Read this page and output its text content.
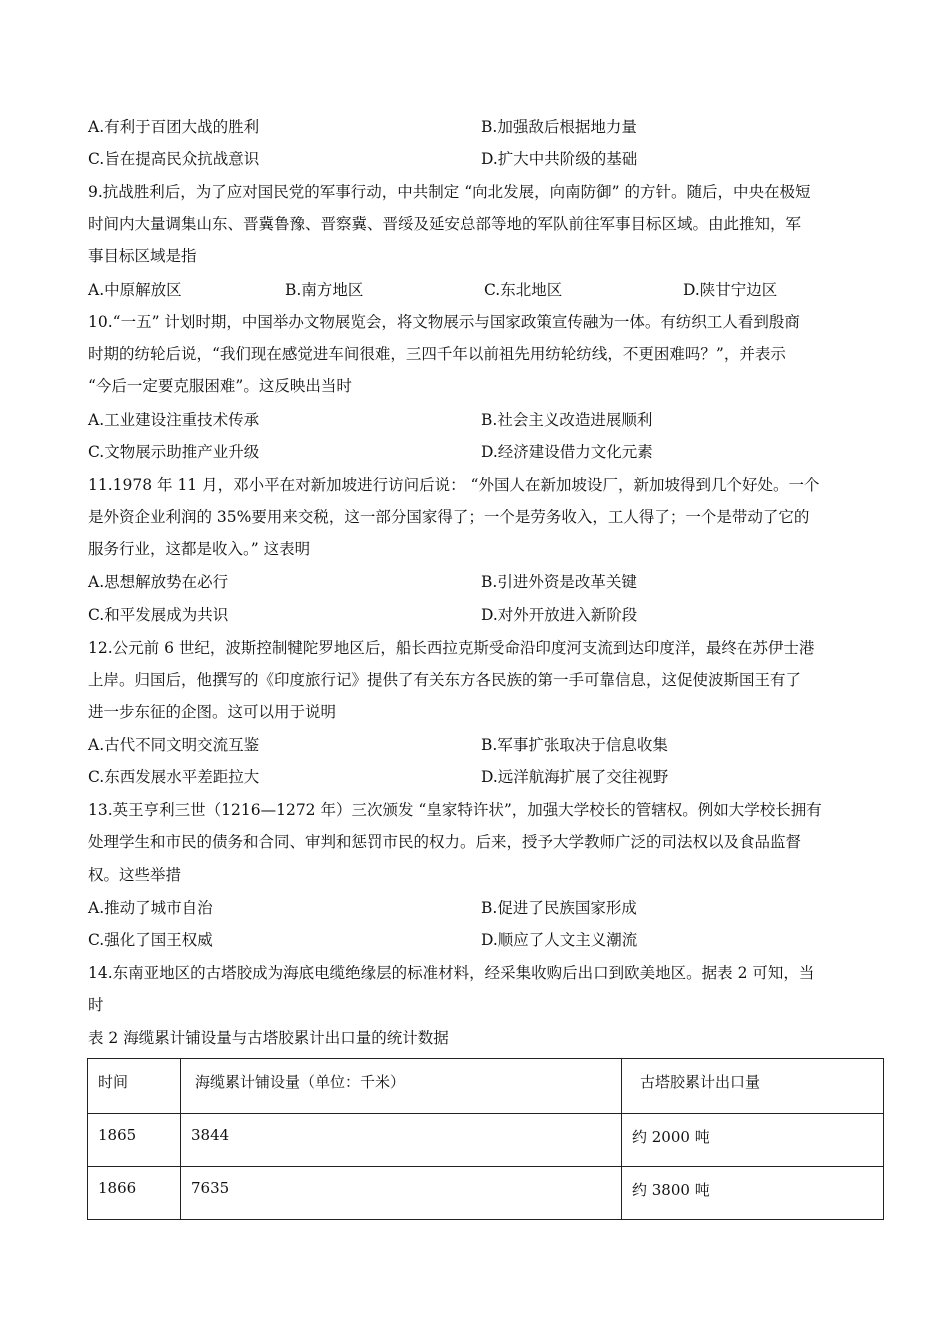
A.有利于百团大战的胜利	B.加强敌后根据地力量
C.旨在提高民众抗战意识	D.扩大中共阶级的基础
9.抗战胜利后，为了应对国民党的军事行动，中共制定 “向北发展，向南防御” 的方针。随后，中央在极短
时间内大量调集山东、晋冀鲁豫、晋察冀、晋绥及延安总部等地的军队前往军事目标区域。由此推知，军
事目标区域是指
A.中原解放区	B.南方地区	C.东北地区	D.陕甘宁边区
10.“一五” 计划时期，中国举办文物展览会，将文物展示与国家政策宣传融为一体。有纺织工人看到殷商
时期的纺轮后说，“我们现在感觉进车间很难，三四千年以前祖先用纺轮纺线，不更困难吗？”，并表示
“今后一定要克服困难”。这反映出当时
A.工业建设注重技术传承	B.社会主义改造进展顺利
C.文物展示助推产业升级	D.经济建设借力文化元素
11.1978 年 11 月，邓小平在对新加坡进行访问后说： “外国人在新加坡设厂，新加坡得到几个好处。一个
是外资企业利润的 35%要用来交税，这一部分国家得了；一个是劳务收入，工人得了；一个是带动了它的
服务行业，这都是收入。” 这表明
A.思想解放势在必行	B.引进外资是改革关键
C.和平发展成为共识	D.对外开放进入新阶段
12.公元前 6 世纪，波斯控制犍陀罗地区后，船长西拉克斯受命沿印度河支流到达印度洋，最终在苏伊士港
上岸。归国后，他撰写的《印度旅行记》提供了有关东方各民族的第一手可靠信息，这促使波斯国王有了
进一步东征的企图。这可以用于说明
A.古代不同文明交流互鉴	B.军事扩张取决于信息收集
C.东西发展水平差距拉大	D.远洋航海扩展了交往视野
13.英王亨利三世（1216—1272 年）三次颁发 “皇家特许状”，加强大学校长的管辖权。例如大学校长拥有
处理学生和市民的债务和合同、审判和惩罚市民的权力。后来，授予大学教师广泛的司法权以及食品监督
权。这些举措
A.推动了城市自治	B.促进了民族国家形成
C.强化了国王权威	D.顺应了人文主义潮流
14.东南亚地区的古塔胶成为海底电缆绝缘层的标准材料，经采集收购后出口到欧美地区。据表 2 可知，当
时
表 2 海缆累计铺设量与古塔胶累计出口量的统计数据
时间	海缆累计铺设量（单位：千米）	古塔胶累计出口量
1865	3844	约 2000 吨
1866	7635	约 3800 吨
